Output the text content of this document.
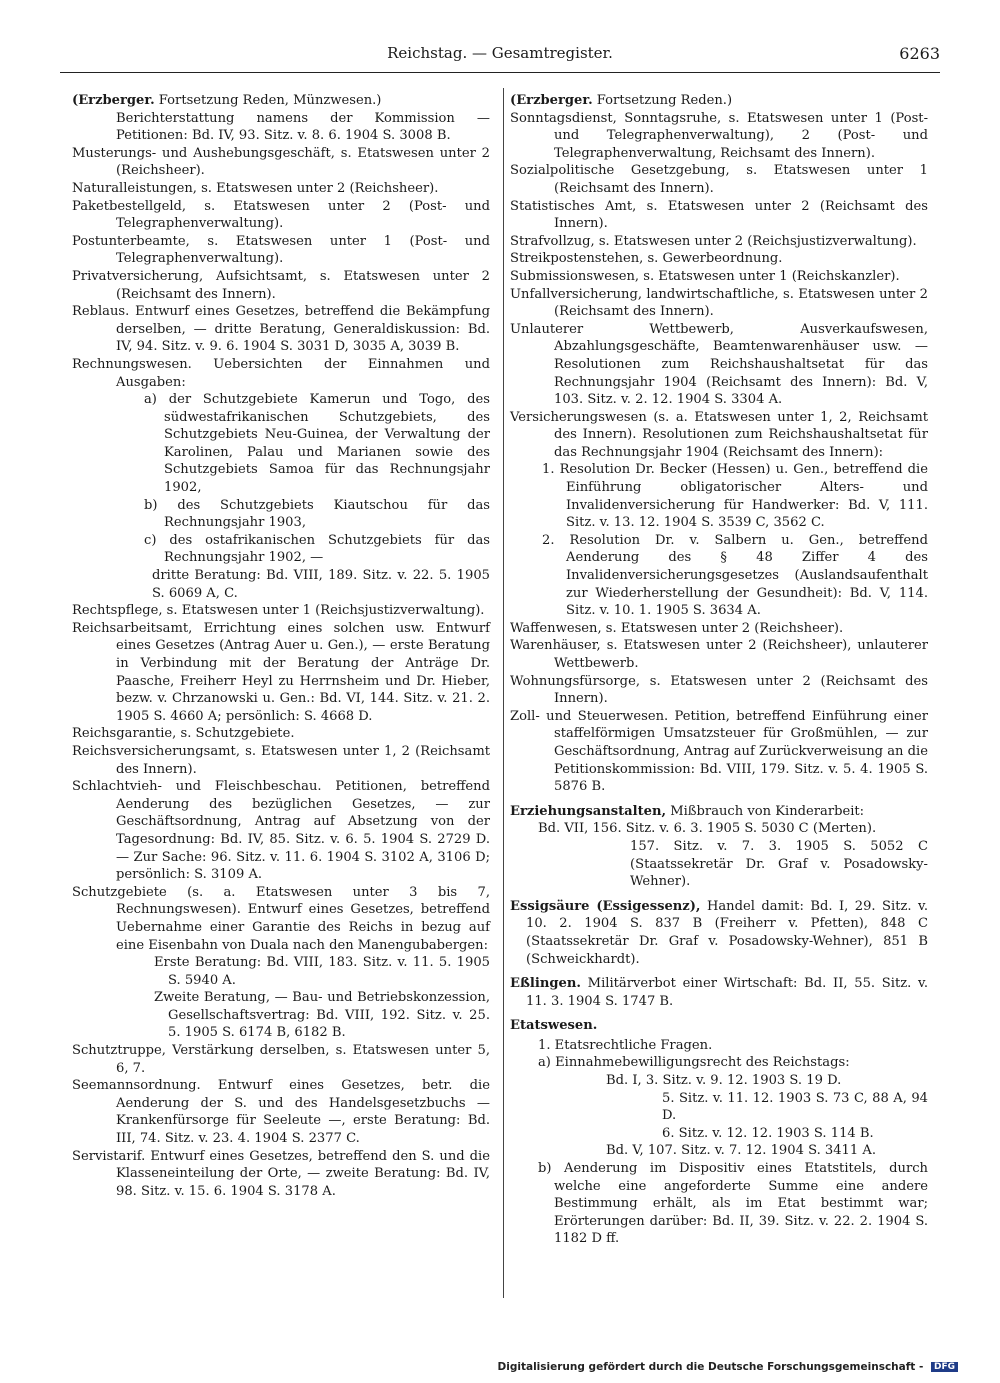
Reichstag. — Gesamtregister.	6263
(Erzberger. Fortsetzung Reden, Münzwesen.)
Berichterstattung namens der Kommission — Petitionen: Bd. IV, 93. Sitz. v. 8. 6. 1904 S. 3008 B.
Musterungs- und Aushebungsgeschäft, s. Etatswesen unter 2 (Reichsheer).
Naturalleistungen, s. Etatswesen unter 2 (Reichsheer).
Paketbestellgeld, s. Etatswesen unter 2 (Post- und Telegraphenverwaltung).
Postunterbeamte, s. Etatswesen unter 1 (Post- und Telegraphenverwaltung).
Privatversicherung, Aufsichtsamt, s. Etatswesen unter 2 (Reichsamt des Innern).
Reblaus. Entwurf eines Gesetzes, betreffend die Bekämpfung derselben, — dritte Beratung, Generaldiskussion: Bd. IV, 94. Sitz. v. 9. 6. 1904 S. 3031 D, 3035 A, 3039 B.
Rechnungswesen. Uebersichten der Einnahmen und Ausgaben:
a) der Schutzgebiete Kamerun und Togo, des südwestafrikanischen Schutzgebiets, des Schutzgebiets Neu-Guinea, der Verwaltung der Karolinen, Palau und Marianen sowie des Schutzgebiets Samoa für das Rechnungsjahr 1902,
b) des Schutzgebiets Kiautschou für das Rechnungsjahr 1903,
c) des ostafrikanischen Schutzgebiets für das Rechnungsjahr 1902, —
dritte Beratung: Bd. VIII, 189. Sitz. v. 22. 5. 1905 S. 6069 A, C.
Rechtspflege, s. Etatswesen unter 1 (Reichsjustizverwaltung).
Reichsarbeitsamt, Errichtung eines solchen usw. Entwurf eines Gesetzes (Antrag Auer u. Gen.), — erste Beratung in Verbindung mit der Beratung der Anträge Dr. Paasche, Freiherr Heyl zu Herrnsheim und Dr. Hieber, bezw. v. Chrzanowski u. Gen.: Bd. VI, 144. Sitz. v. 21. 2. 1905 S. 4660 A; persönlich: S. 4668 D.
Reichsgarantie, s. Schutzgebiete.
Reichsversicherungsamt, s. Etatswesen unter 1, 2 (Reichsamt des Innern).
Schlachtvieh- und Fleischbeschau. Petitionen, betreffend Aenderung des bezüglichen Gesetzes, — zur Geschäftsordnung, Antrag auf Absetzung von der Tagesordnung: Bd. IV, 85. Sitz. v. 6. 5. 1904 S. 2729 D. — Zur Sache: 96. Sitz. v. 11. 6. 1904 S. 3102 A, 3106 D; persönlich: S. 3109 A.
Schutzgebiete (s. a. Etatswesen unter 3 bis 7, Rechnungswesen). Entwurf eines Gesetzes, betreffend Uebernahme einer Garantie des Reichs in bezug auf eine Eisenbahn von Duala nach den Manengubabergen:
Erste Beratung: Bd. VIII, 183. Sitz. v. 11. 5. 1905 S. 5940 A.
Zweite Beratung, — Bau- und Betriebskonzession, Gesellschaftsvertrag: Bd. VIII, 192. Sitz. v. 25. 5. 1905 S. 6174 B, 6182 B.
Schutztruppe, Verstärkung derselben, s. Etatswesen unter 5, 6, 7.
Seemannsordnung. Entwurf eines Gesetzes, betr. die Aenderung der S. und des Handelsgesetzbuchs — Krankenfürsorge für Seeleute —, erste Beratung: Bd. III, 74. Sitz. v. 23. 4. 1904 S. 2377 C.
Servistarif. Entwurf eines Gesetzes, betreffend den S. und die Klasseneinteilung der Orte, — zweite Beratung: Bd. IV, 98. Sitz. v. 15. 6. 1904 S. 3178 A.
(Erzberger. Fortsetzung Reden.)
Sonntagsdienst, Sonntagsruhe, s. Etatswesen unter 1 (Post- und Telegraphenverwaltung), 2 (Post- und Telegraphenverwaltung, Reichsamt des Innern).
Sozialpolitische Gesetzgebung, s. Etatswesen unter 1 (Reichsamt des Innern).
Statistisches Amt, s. Etatswesen unter 2 (Reichsamt des Innern).
Strafvollzug, s. Etatswesen unter 2 (Reichsjustizverwaltung).
Streikpostenstehen, s. Gewerbeordnung.
Submissionswesen, s. Etatswesen unter 1 (Reichskanzler).
Unfallversicherung, landwirtschaftliche, s. Etatswesen unter 2 (Reichsamt des Innern).
Unlauterer Wettbewerb, Ausverkaufswesen, Abzahlungsgeschäfte, Beamtenwarenhäuser usw. — Resolutionen zum Reichshaushaltsetat für das Rechnungsjahr 1904 (Reichsamt des Innern): Bd. V, 103. Sitz. v. 2. 12. 1904 S. 3304 A.
Versicherungswesen (s. a. Etatswesen unter 1, 2, Reichsamt des Innern). Resolutionen zum Reichshaushaltsetat für das Rechnungsjahr 1904 (Reichsamt des Innern):
1. Resolution Dr. Becker (Hessen) u. Gen., betreffend die Einführung obligatorischer Alters- und Invalidenversicherung für Handwerker: Bd. V, 111. Sitz. v. 13. 12. 1904 S. 3539 C, 3562 C.
2. Resolution Dr. v. Salbern u. Gen., betreffend Aenderung des § 48 Ziffer 4 des Invalidenversicherungsgesetzes (Auslandsaufenthalt zur Wiederherstellung der Gesundheit): Bd. V, 114. Sitz. v. 10. 1. 1905 S. 3634 A.
Waffenwesen, s. Etatswesen unter 2 (Reichsheer).
Warenhäuser, s. Etatswesen unter 2 (Reichsheer), unlauterer Wettbewerb.
Wohnungsfürsorge, s. Etatswesen unter 2 (Reichsamt des Innern).
Zoll- und Steuerwesen. Petition, betreffend Einführung einer staffelförmigen Umsatzsteuer für Großmühlen, — zur Geschäftsordnung, Antrag auf Zurückverweisung an die Petitionskommission: Bd. VIII, 179. Sitz. v. 5. 4. 1905 S. 5876 B.
Erziehungsanstalten, Mißbrauch von Kinderarbeit:
Bd. VII, 156. Sitz. v. 6. 3. 1905 S. 5030 C (Merten).
157. Sitz. v. 7. 3. 1905 S. 5052 C (Staatssekretär Dr. Graf v. Posadowsky-Wehner).
Essigsäure (Essigessenz), Handel damit: Bd. I, 29. Sitz. v. 10. 2. 1904 S. 837 B (Freiherr v. Pfetten), 848 C (Staatssekretär Dr. Graf v. Posadowsky-Wehner), 851 B (Schweickhardt).
Eßlingen. Militärverbot einer Wirtschaft: Bd. II, 55. Sitz. v. 11. 3. 1904 S. 1747 B.
Etatswesen.
1. Etatsrechtliche Fragen.
a) Einnahmebewilligungsrecht des Reichstags:
Bd. I, 3. Sitz. v. 9. 12. 1903 S. 19 D.
5. Sitz. v. 11. 12. 1903 S. 73 C, 88 A, 94 D.
6. Sitz. v. 12. 12. 1903 S. 114 B.
Bd. V, 107. Sitz. v. 7. 12. 1904 S. 3411 A.
b) Aenderung im Dispositiv eines Etatstitels, durch welche eine angeforderte Summe eine andere Bestimmung erhält, als im Etat bestimmt war; Erörterungen darüber: Bd. II, 39. Sitz. v. 22. 2. 1904 S. 1182 D ff.
Digitalisierung gefördert durch die Deutsche Forschungsgemeinschaft - DFG
